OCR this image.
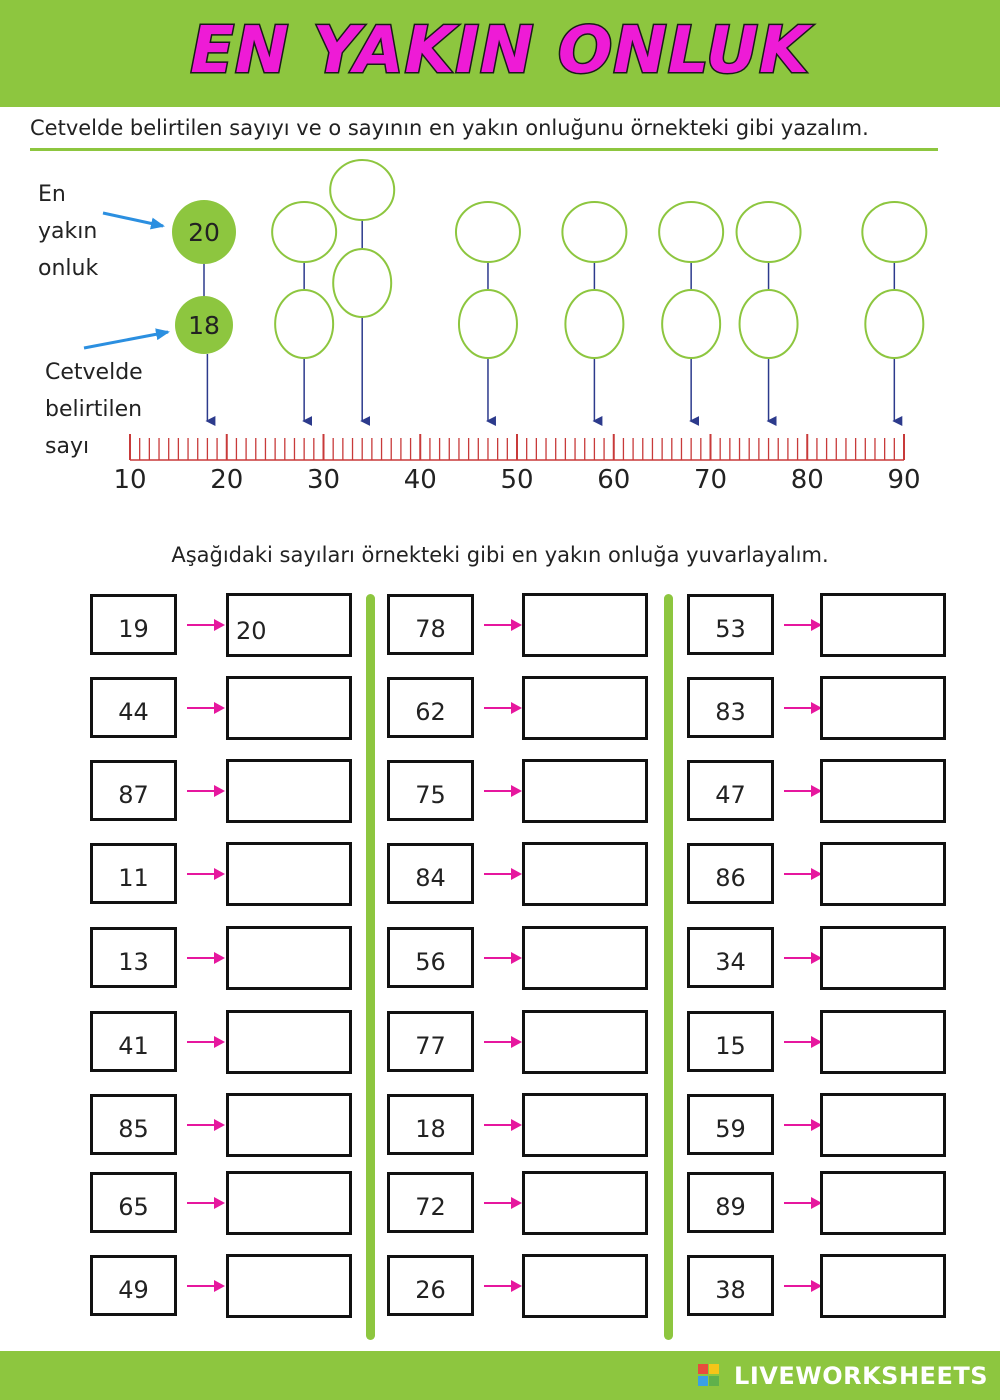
EN YAKIN ONLUK
Cetvelde belirtilen sayıyı ve o sayının en yakın onluğunu örnekteki gibi yazalım.
En
yakın
onluk
Cetvelde
belirtilen
sayı
10 20 30 40 50 60 70 80 90
20
18
Aşağıdaki sayıları örnekteki gibi en yakın onluğa yuvarlayalım.
19	20
44
87
11
13
41
85
65
49
78
62
75
84
56
77
18
72
26
53
83
47
86
34
15
59
89
38
LIVEWORKSHEETS
